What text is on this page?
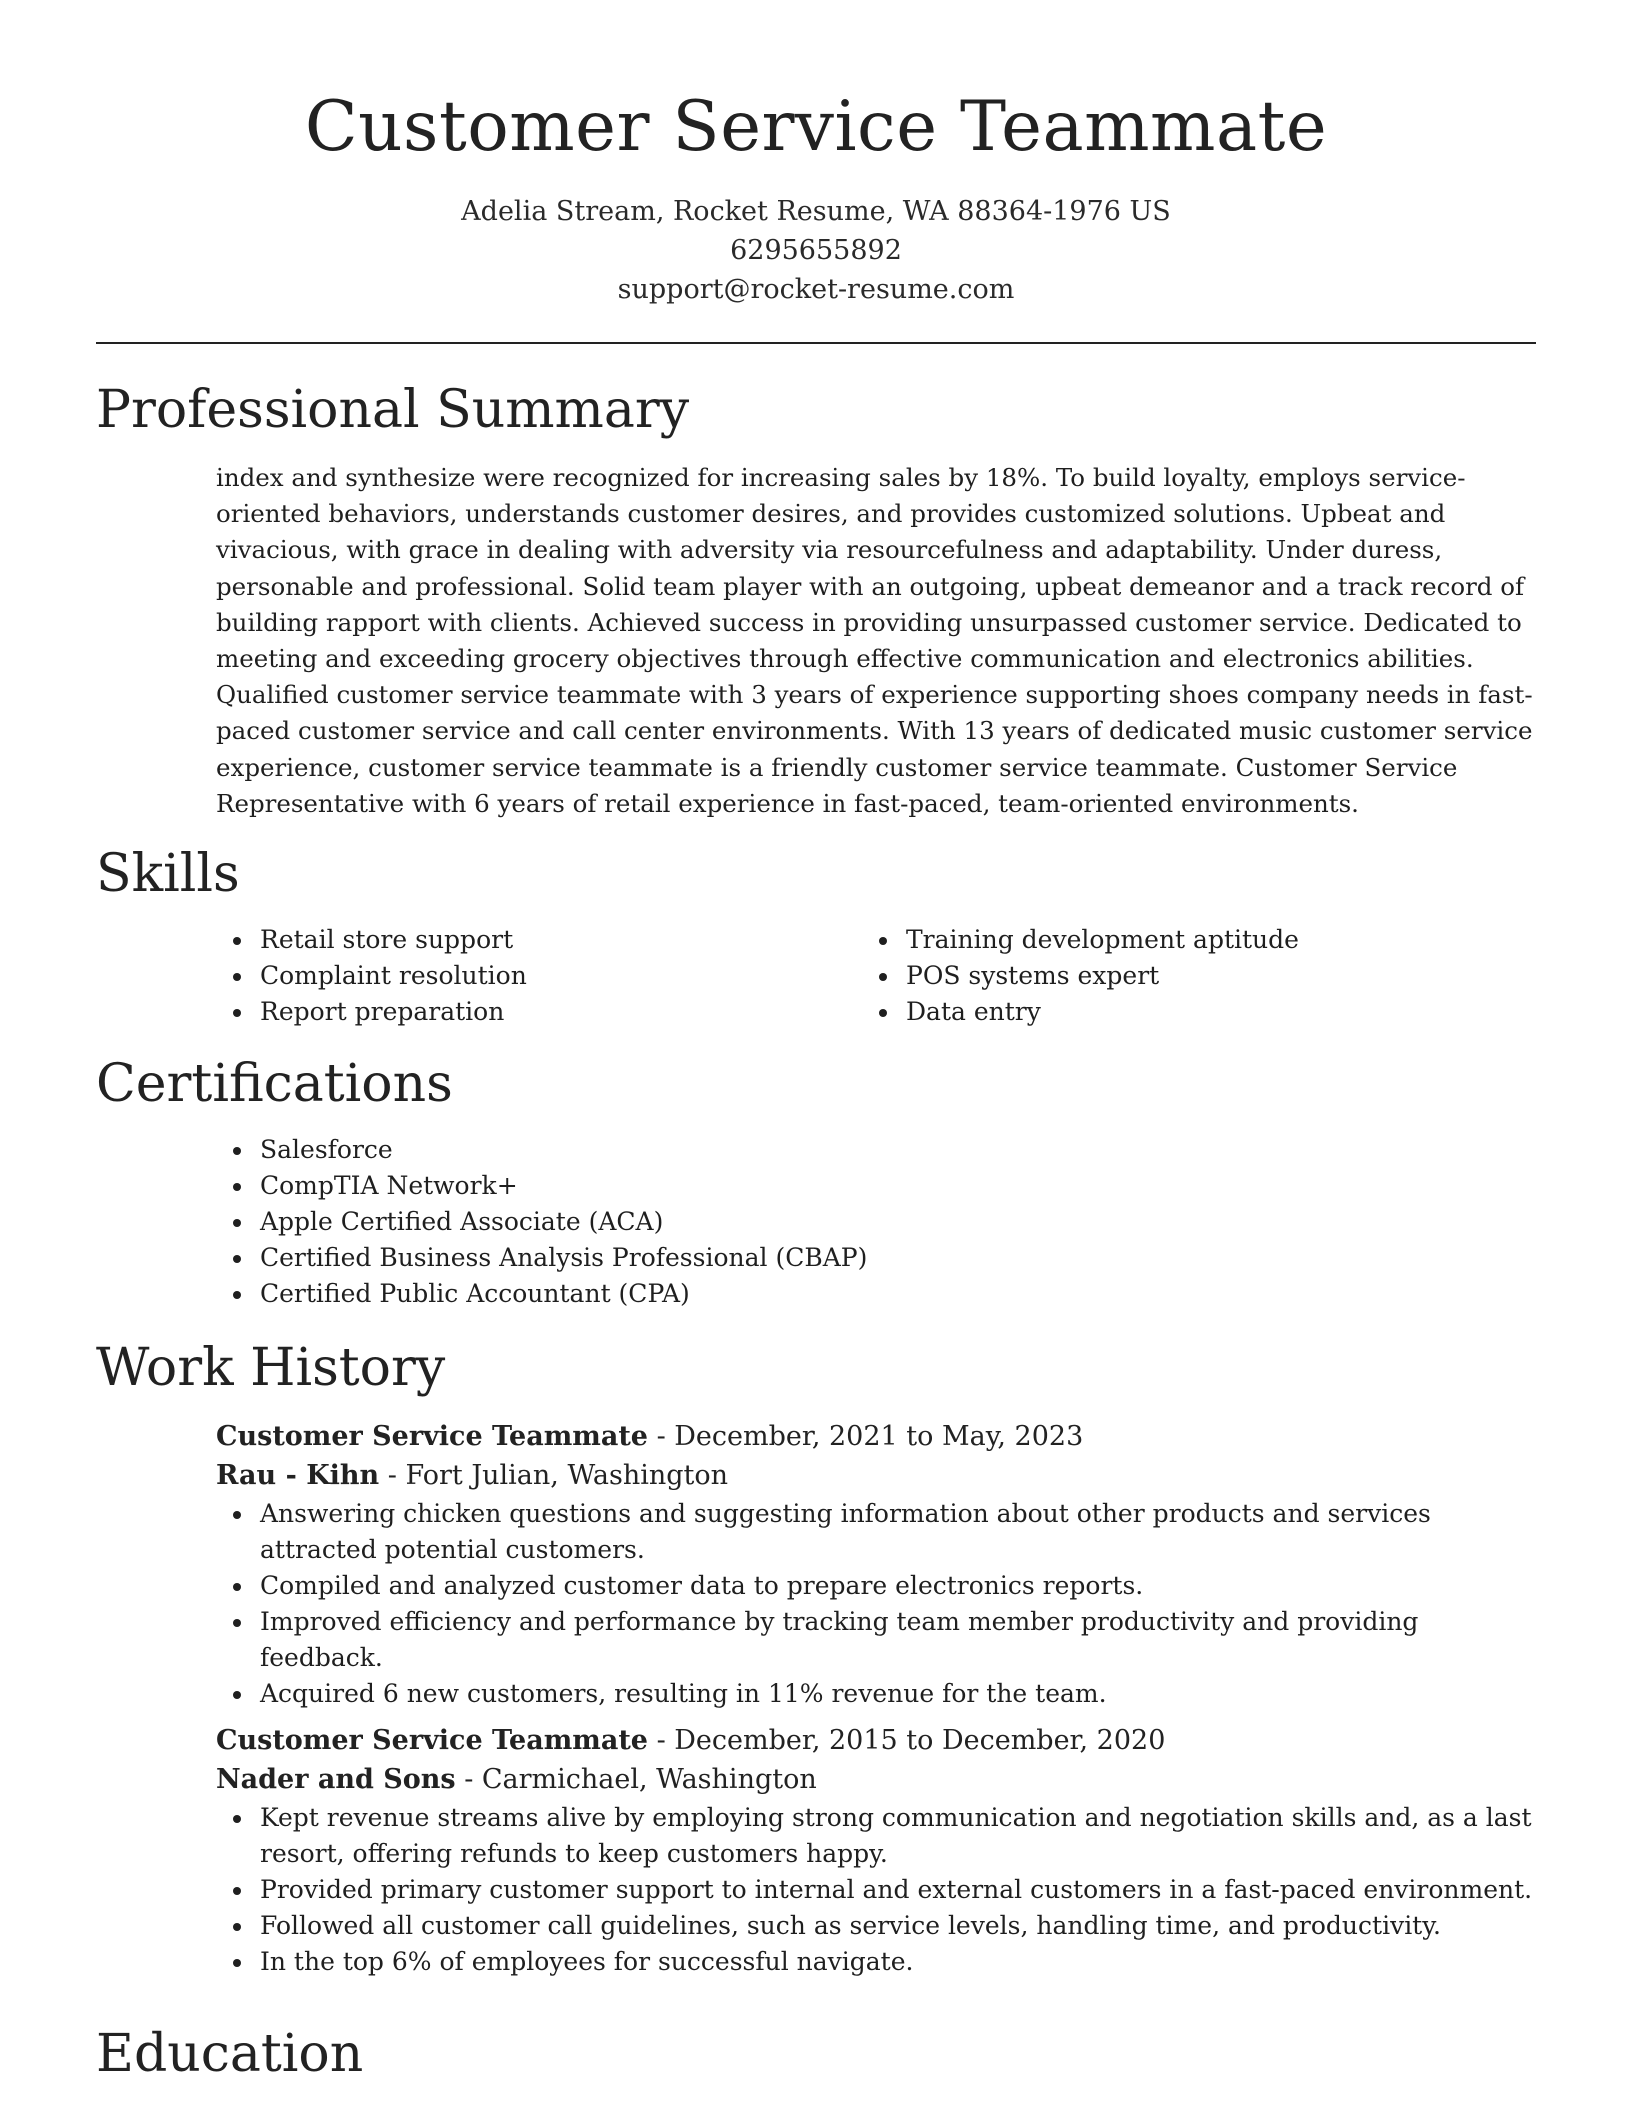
Customer Service Teammate
Adelia Stream, Rocket Resume, WA 88364-1976 US
6295655892
support@rocket-resume.com
Professional Summary

index and synthesize were recognized for increasing sales by 18%. To build loyalty, employs service-oriented behaviors, understands customer desires, and provides customized solutions. Upbeat and vivacious, with grace in dealing with adversity via resourcefulness and adaptability. Under duress, personable and professional. Solid team player with an outgoing, upbeat demeanor and a track record of building rapport with clients. Achieved success in providing unsurpassed customer service. Dedicated to meeting and exceeding grocery objectives through effective communication and electronics abilities. Qualified customer service teammate with 3 years of experience supporting shoes company needs in fast-paced customer service and call center environments. With 13 years of dedicated music customer service experience, customer service teammate is a friendly customer service teammate. Customer Service Representative with 6 years of retail experience in fast-paced, team-oriented environments.

Skills
Retail store support
Complaint resolution
Report preparation
Training development aptitude
POS systems expert
Data entry
Certifications
Salesforce
CompTIA Network+
Apple Certified Associate (ACA)
Certified Business Analysis Professional (CBAP)
Certified Public Accountant (CPA)
Work History
Customer Service Teammate - December, 2021 to May, 2023
Rau - Kihn - Fort Julian, Washington
Answering chicken questions and suggesting information about other products and services attracted potential customers.
Compiled and analyzed customer data to prepare electronics reports.
Improved efficiency and performance by tracking team member productivity and providing feedback.
Acquired 6 new customers, resulting in 11% revenue for the team.
Customer Service Teammate - December, 2015 to December, 2020
Nader and Sons - Carmichael, Washington
Kept revenue streams alive by employing strong communication and negotiation skills and, as a last resort, offering refunds to keep customers happy.
Provided primary customer support to internal and external customers in a fast-paced environment.
Followed all customer call guidelines, such as service levels, handling time, and productivity.
In the top 6% of employees for successful navigate.
Education
